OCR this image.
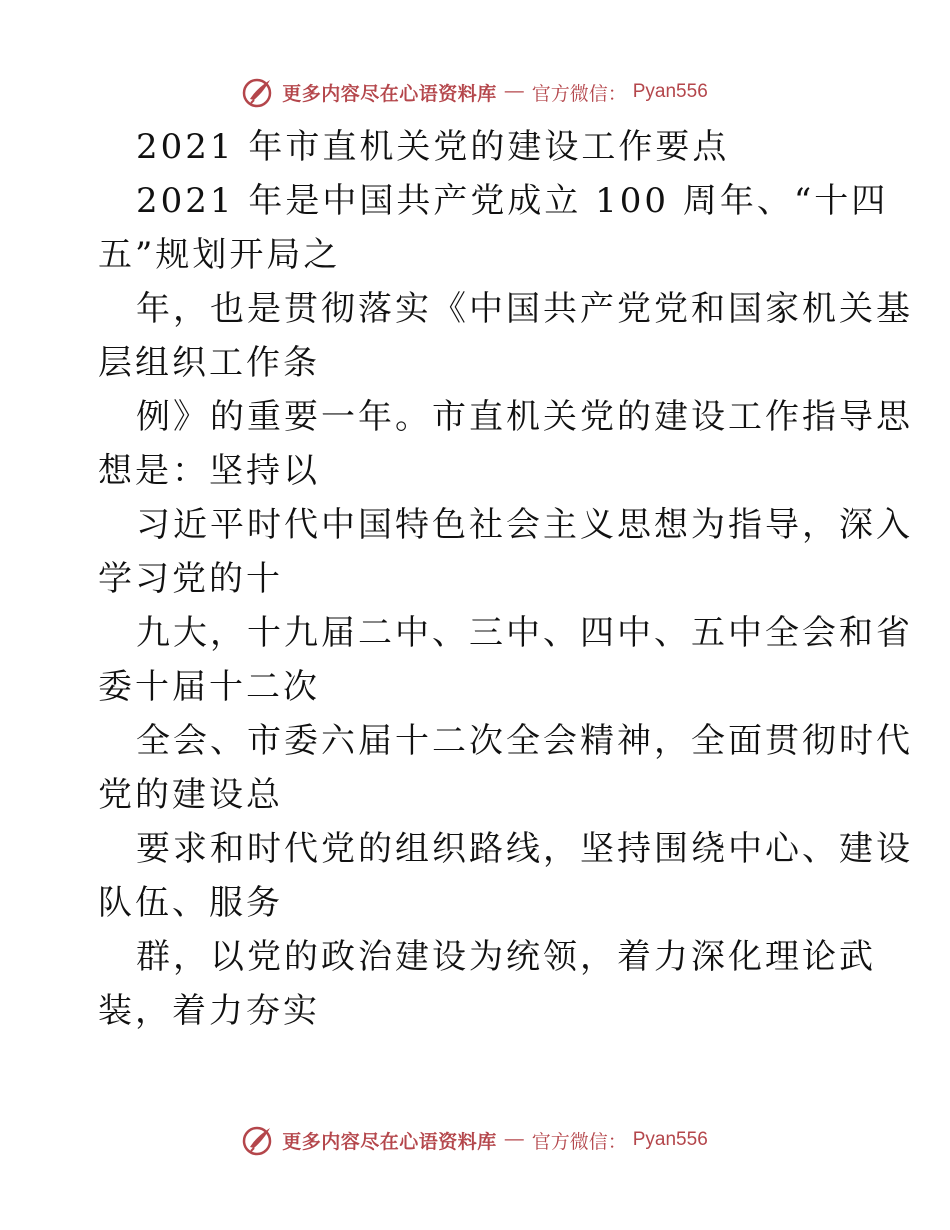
更多内容尽在心语资料库 — 官方微信： Pyan556
2021 年市直机关党的建设工作要点
2021 年是中国共产党成立 100 周年、“十四
五”规划开局之
年，也是贯彻落实《中国共产党党和国家机关基
层组织工作条
例》的重要一年。市直机关党的建设工作指导思
想是：坚持以
习近平时代中国特色社会主义思想为指导，深入
学习党的十
九大，十九届二中、三中、四中、五中全会和省
委十届十二次
全会、市委六届十二次全会精神，全面贯彻时代
党的建设总
要求和时代党的组织路线，坚持围绕中心、建设
队伍、服务
群，以党的政治建设为统领，着力深化理论武
装，着力夯实
更多内容尽在心语资料库 — 官方微信： Pyan556
